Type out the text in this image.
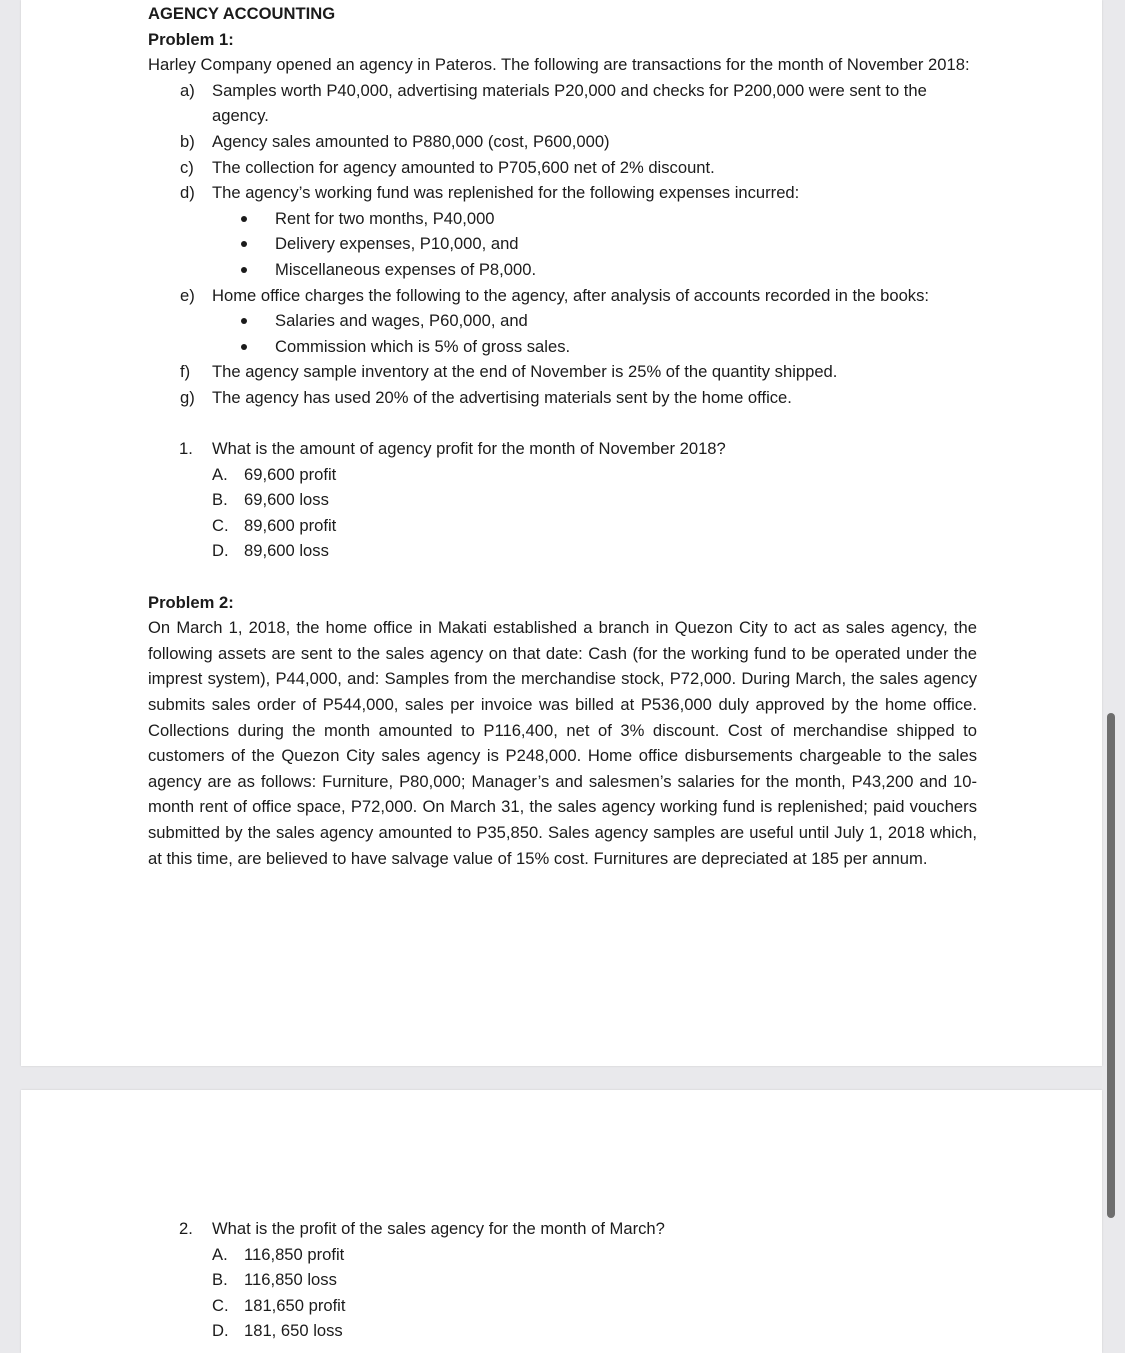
AGENCY ACCOUNTING

Problem 1:

Harley Company opened an agency in Pateros. The following are transactions for the month of November 2018:

a) Samples worth P40,000, advertising materials P20,000 and checks for P200,000 were sent to the agency.
b) Agency sales amounted to P880,000 (cost, P600,000)
c) The collection for agency amounted to P705,600 net of 2% discount.
d) The agency’s working fund was replenished for the following expenses incurred:
Rent for two months, P40,000
Delivery expenses, P10,000, and
Miscellaneous expenses of P8,000.
e) Home office charges the following to the agency, after analysis of accounts recorded in the books:
Salaries and wages, P60,000, and
Commission which is 5% of gross sales.
f) The agency sample inventory at the end of November is 25% of the quantity shipped.
g) The agency has used 20% of the advertising materials sent by the home office.
1. What is the amount of agency profit for the month of November 2018?
A. 69,600 profit
B. 69,600 loss
C. 89,600 profit
D. 89,600 loss

Problem 2:

On March 1, 2018, the home office in Makati established a branch in Quezon City to act as sales agency, the following assets are sent to the sales agency on that date: Cash (for the working fund to be operated under the imprest system), P44,000, and: Samples from the merchandise stock, P72,000. During March, the sales agency submits sales order of P544,000, sales per invoice was billed at P536,000 duly approved by the home office. Collections during the month amounted to P116,400, net of 3% discount. Cost of merchandise shipped to customers of the Quezon City sales agency is P248,000. Home office disbursements chargeable to the sales agency are as follows: Furniture, P80,000; Manager’s and salesmen’s salaries for the month, P43,200 and 10-month rent of office space, P72,000. On March 31, the sales agency working fund is replenished; paid vouchers submitted by the sales agency amounted to P35,850. Sales agency samples are useful until July 1, 2018 which, at this time, are believed to have salvage value of 15% cost. Furnitures are depreciated at 185 per annum.

2. What is the profit of the sales agency for the month of March?
A. 116,850 profit
B. 116,850 loss
C. 181,650 profit
D. 181, 650 loss
